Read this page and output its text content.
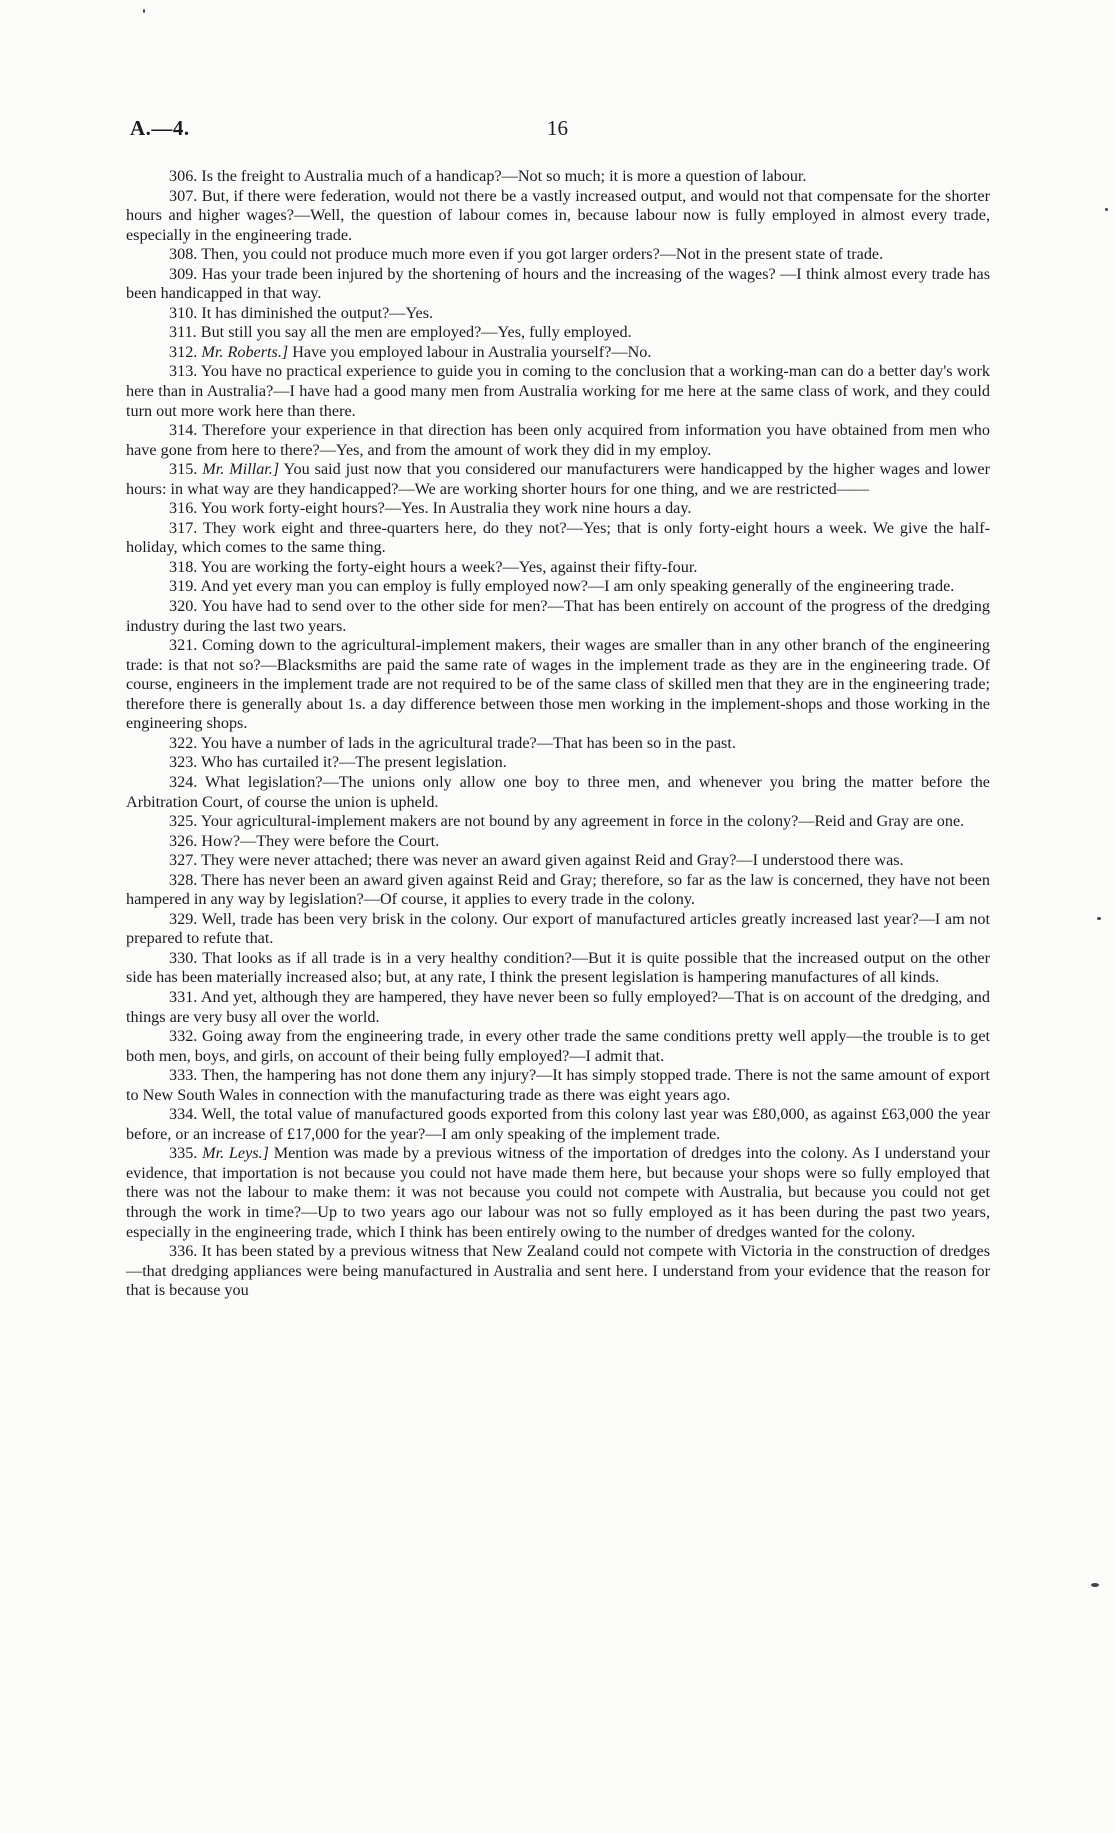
A.—4.	16

306. Is the freight to Australia much of a handicap?—Not so much; it is more a question of labour.

307. But, if there were federation, would not there be a vastly increased output, and would not that compensate for the shorter hours and higher wages?—Well, the question of labour comes in, because labour now is fully employed in almost every trade, especially in the engineering trade.

308. Then, you could not produce much more even if you got larger orders?—Not in the present state of trade.

309. Has your trade been injured by the shortening of hours and the increasing of the wages? —I think almost every trade has been handicapped in that way.

310. It has diminished the output?—Yes.

311. But still you say all the men are employed?—Yes, fully employed.

312. Mr. Roberts.] Have you employed labour in Australia yourself?—No.

313. You have no practical experience to guide you in coming to the conclusion that a working-man can do a better day's work here than in Australia?—I have had a good many men from Australia working for me here at the same class of work, and they could turn out more work here than there.

314. Therefore your experience in that direction has been only acquired from information you have obtained from men who have gone from here to there?—Yes, and from the amount of work they did in my employ.

315. Mr. Millar.] You said just now that you considered our manufacturers were handicapped by the higher wages and lower hours: in what way are they handicapped?—We are working shorter hours for one thing, and we are restricted——

316. You work forty-eight hours?—Yes. In Australia they work nine hours a day.

317. They work eight and three-quarters here, do they not?—Yes; that is only forty-eight hours a week. We give the half-holiday, which comes to the same thing.

318. You are working the forty-eight hours a week?—Yes, against their fifty-four.

319. And yet every man you can employ is fully employed now?—I am only speaking generally of the engineering trade.

320. You have had to send over to the other side for men?—That has been entirely on account of the progress of the dredging industry during the last two years.

321. Coming down to the agricultural-implement makers, their wages are smaller than in any other branch of the engineering trade: is that not so?—Blacksmiths are paid the same rate of wages in the implement trade as they are in the engineering trade. Of course, engineers in the implement trade are not required to be of the same class of skilled men that they are in the engineering trade; therefore there is generally about 1s. a day difference between those men working in the implement-shops and those working in the engineering shops.

322. You have a number of lads in the agricultural trade?—That has been so in the past.

323. Who has curtailed it?—The present legislation.

324. What legislation?—The unions only allow one boy to three men, and whenever you bring the matter before the Arbitration Court, of course the union is upheld.

325. Your agricultural-implement makers are not bound by any agreement in force in the colony?—Reid and Gray are one.

326. How?—They were before the Court.

327. They were never attached; there was never an award given against Reid and Gray?—I understood there was.

328. There has never been an award given against Reid and Gray; therefore, so far as the law is concerned, they have not been hampered in any way by legislation?—Of course, it applies to every trade in the colony.

329. Well, trade has been very brisk in the colony. Our export of manufactured articles greatly increased last year?—I am not prepared to refute that.

330. That looks as if all trade is in a very healthy condition?—But it is quite possible that the increased output on the other side has been materially increased also; but, at any rate, I think the present legislation is hampering manufactures of all kinds.

331. And yet, although they are hampered, they have never been so fully employed?—That is on account of the dredging, and things are very busy all over the world.

332. Going away from the engineering trade, in every other trade the same conditions pretty well apply—the trouble is to get both men, boys, and girls, on account of their being fully employed?—I admit that.

333. Then, the hampering has not done them any injury?—It has simply stopped trade. There is not the same amount of export to New South Wales in connection with the manufacturing trade as there was eight years ago.

334. Well, the total value of manufactured goods exported from this colony last year was £80,000, as against £63,000 the year before, or an increase of £17,000 for the year?—I am only speaking of the implement trade.

335. Mr. Leys.] Mention was made by a previous witness of the importation of dredges into the colony. As I understand your evidence, that importation is not because you could not have made them here, but because your shops were so fully employed that there was not the labour to make them: it was not because you could not compete with Australia, but because you could not get through the work in time?—Up to two years ago our labour was not so fully employed as it has been during the past two years, especially in the engineering trade, which I think has been entirely owing to the number of dredges wanted for the colony.

336. It has been stated by a previous witness that New Zealand could not compete with Victoria in the construction of dredges—that dredging appliances were being manufactured in Australia and sent here. I understand from your evidence that the reason for that is because you
